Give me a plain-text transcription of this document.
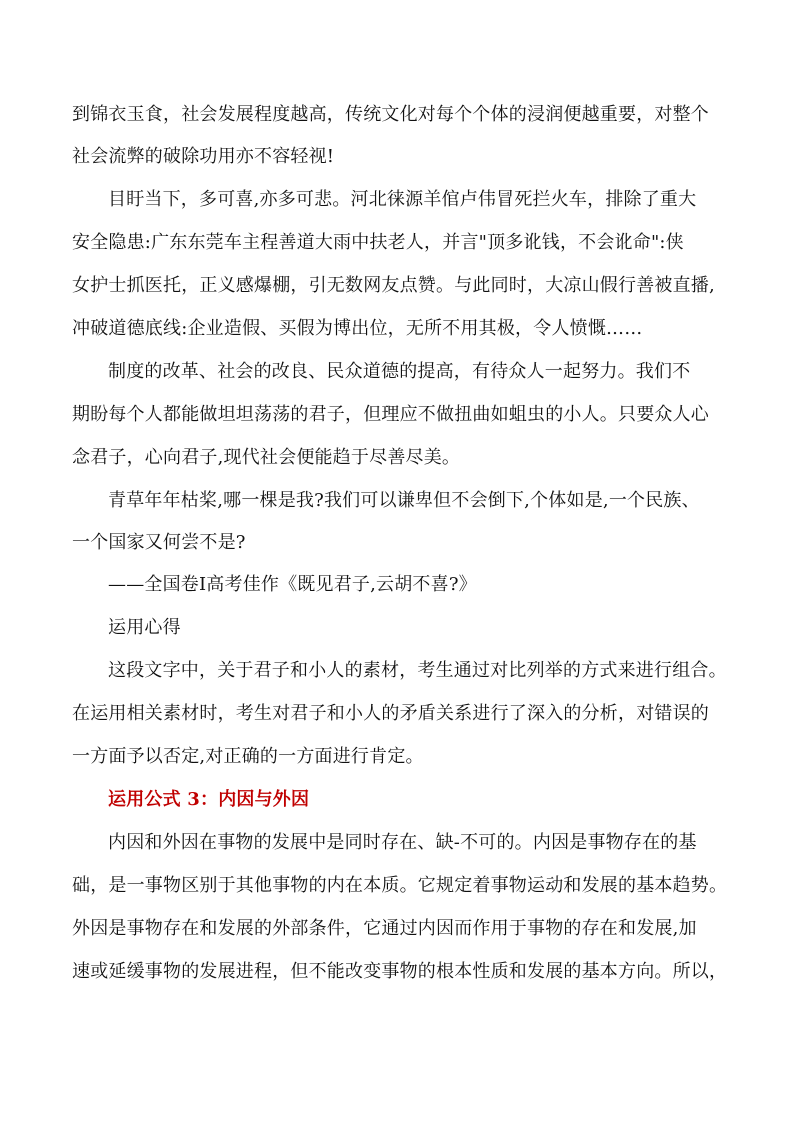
到锦衣玉食，社会发展程度越高，传统文化对每个个体的浸润便越重要，对整个
社会流弊的破除功用亦不容轻视!
目盱当下，多可喜,亦多可悲。河北徕源羊倌卢伟冒死拦火车，排除了重大
安全隐患:广东东莞车主程善道大雨中扶老人，并言"顶多讹钱，不会讹命":侠
女护士抓医托，正义感爆棚，引无数网友点赞。与此同时，大凉山假行善被直播,
冲破道德底线:企业造假、买假为博出位，无所不用其极，令人愤慨……
制度的改革、社会的改良、民众道德的提高，有待众人一起努力。我们不
期盼每个人都能做坦坦荡荡的君子，但理应不做扭曲如蛆虫的小人。只要众人心
念君子，心向君子,现代社会便能趋于尽善尽美。
青草年年枯桨,哪一棵是我?我们可以谦卑但不会倒下,个体如是,一个民族、
一个国家又何尝不是?
——全国卷Ⅰ高考佳作《既见君子,云胡不喜?》
运用心得
这段文字中，关于君子和小人的素材，考生通过对比列举的方式来进行组合。
在运用相关素材时，考生对君子和小人的矛盾关系进行了深入的分析，对错误的
一方面予以否定,对正确的一方面进行肯定。
运用公式 3：内因与外因
内因和外因在事物的发展中是同时存在、缺-不可的。内因是事物存在的基
础，是一事物区别于其他事物的内在本质。它规定着事物运动和发展的基本趋势。
外因是事物存在和发展的外部条件，它通过内因而作用于事物的存在和发展,加
速或延缓事物的发展进程，但不能改变事物的根本性质和发展的基本方向。所以，
